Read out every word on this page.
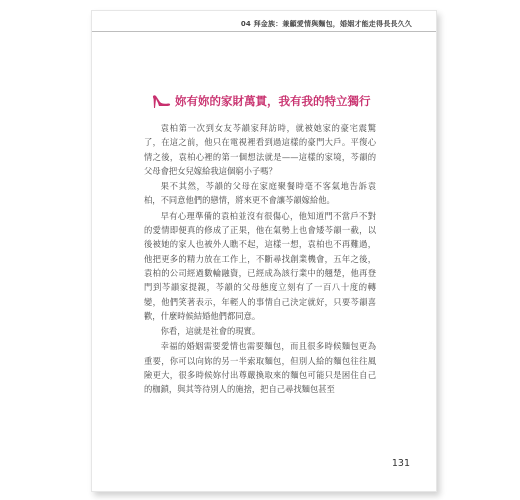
04 拜金族：兼顧愛情與麵包，婚姻才能走得長長久久
妳有妳的家財萬貫，我有我的特立獨行

袁柏第一次到女友芩韻家拜訪時，就被她家的豪宅震驚了，在這之前，他只在電視裡看到過這樣的豪門大戶。平復心情之後，袁柏心裡的第一個想法就是——這樣的家境，芩韻的父母會把女兒嫁給我這個窮小子嗎？

果不其然，芩韻的父母在家庭聚餐時毫不客氣地告訴袁柏，不同意他們的戀情，將來更不會讓芩韻嫁給他。

早有心理準備的袁柏並沒有很傷心，他知道門不當戶不對的愛情即便真的修成了正果，他在氣勢上也會矮芩韻一截，以後被她的家人也被外人瞧不起，這樣一想，袁柏也不再難過，他把更多的精力放在工作上，不斷尋找創業機會，五年之後，袁柏的公司經過數輪融資，已經成為該行業中的翹楚，他再登門到芩韻家提親，芩韻的父母態度立刻有了一百八十度的轉變，他們笑著表示，年輕人的事情自己決定就好，只要芩韻喜歡，什麼時候結婚他們都同意。

你看，這就是社會的現實。

幸福的婚姻需要愛情也需要麵包，而且很多時候麵包更為重要，你可以向妳的另一半索取麵包，但別人給的麵包往往風險更大，很多時候妳付出尊嚴換取來的麵包可能只是困住自己的枷鎖，與其等待別人的施捨，把自己尋找麵包甚至

131
